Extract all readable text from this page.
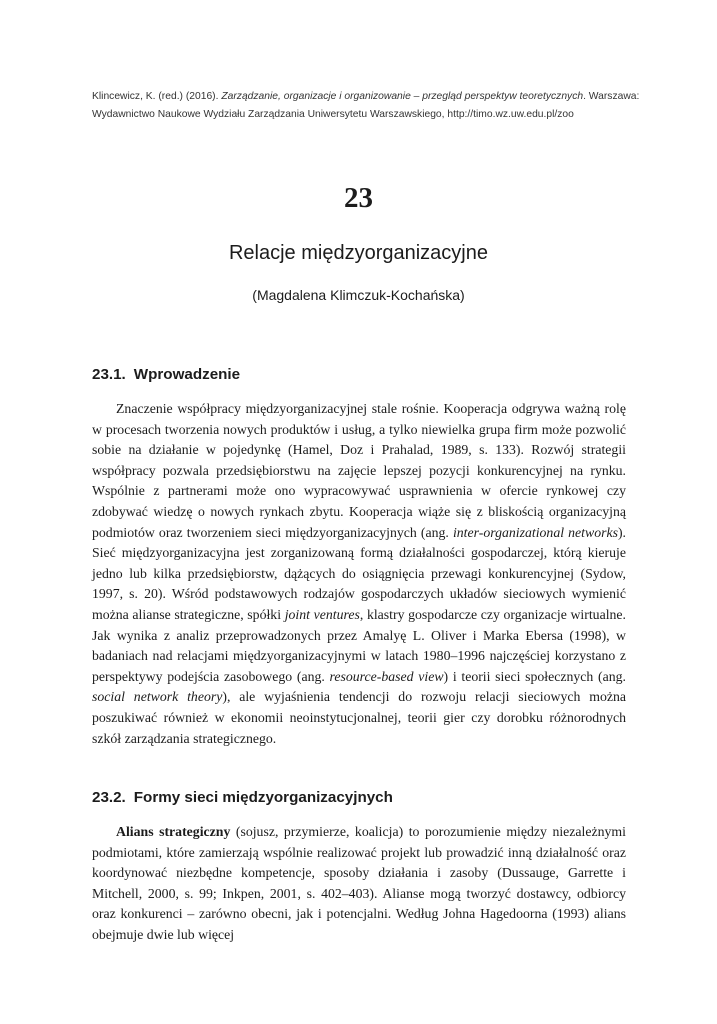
Klincewicz, K. (red.) (2016). Zarządzanie, organizacje i organizowanie – przegląd perspektyw teoretycznych. Warszawa: Wydawnictwo Naukowe Wydziału Zarządzania Uniwersytetu Warszawskiego, http://timo.wz.uw.edu.pl/zoo
23
Relacje międzyorganizacyjne
(Magdalena Klimczuk-Kochańska)
23.1. Wprowadzenie

Znaczenie współpracy międzyorganizacyjnej stale rośnie. Kooperacja odgrywa ważną rolę w procesach tworzenia nowych produktów i usług, a tylko niewielka grupa firm może pozwolić sobie na działanie w pojedynkę (Hamel, Doz i Prahalad, 1989, s. 133). Rozwój strategii współpracy pozwala przedsiębiorstwu na zajęcie lepszej pozycji konkurencyjnej na rynku. Wspólnie z partnerami może ono wypracowywać usprawnienia w ofercie rynkowej czy zdobywać wiedzę o nowych rynkach zbytu. Kooperacja wiąże się z bliskością organizacyjną podmiotów oraz tworzeniem sieci międzyorganizacyjnych (ang. inter-organizational networks). Sieć międzyorganizacyjna jest zorganizowaną formą działalności gospodarczej, którą kieruje jedno lub kilka przedsiębiorstw, dążących do osiągnięcia przewagi konkurencyjnej (Sydow, 1997, s. 20). Wśród podstawowych rodzajów gospodarczych układów sieciowych wymienić można alianse strategiczne, spółki joint ventures, klastry gospodarcze czy organizacje wirtualne. Jak wynika z analiz przeprowadzonych przez Amalyę L. Oliver i Marka Ebersa (1998), w badaniach nad relacjami międzyorganizacyjnymi w latach 1980–1996 najczęściej korzystano z perspektywy podejścia zasobowego (ang. resource-based view) i teorii sieci społecznych (ang. social network theory), ale wyjaśnienia tendencji do rozwoju relacji sieciowych można poszukiwać również w ekonomii neoinstytucjonalnej, teorii gier czy dorobku różnorodnych szkół zarządzania strategicznego.

23.2. Formy sieci międzyorganizacyjnych

Alians strategiczny (sojusz, przymierze, koalicja) to porozumienie między niezależnymi podmiotami, które zamierzają wspólnie realizować projekt lub prowadzić inną działalność oraz koordynować niezbędne kompetencje, sposoby działania i zasoby (Dussauge, Garrette i Mitchell, 2000, s. 99; Inkpen, 2001, s. 402–403). Alianse mogą tworzyć dostawcy, odbiorcy oraz konkurenci – zarówno obecni, jak i potencjalni. Według Johna Hagedoorna (1993) alians obejmuje dwie lub więcej
